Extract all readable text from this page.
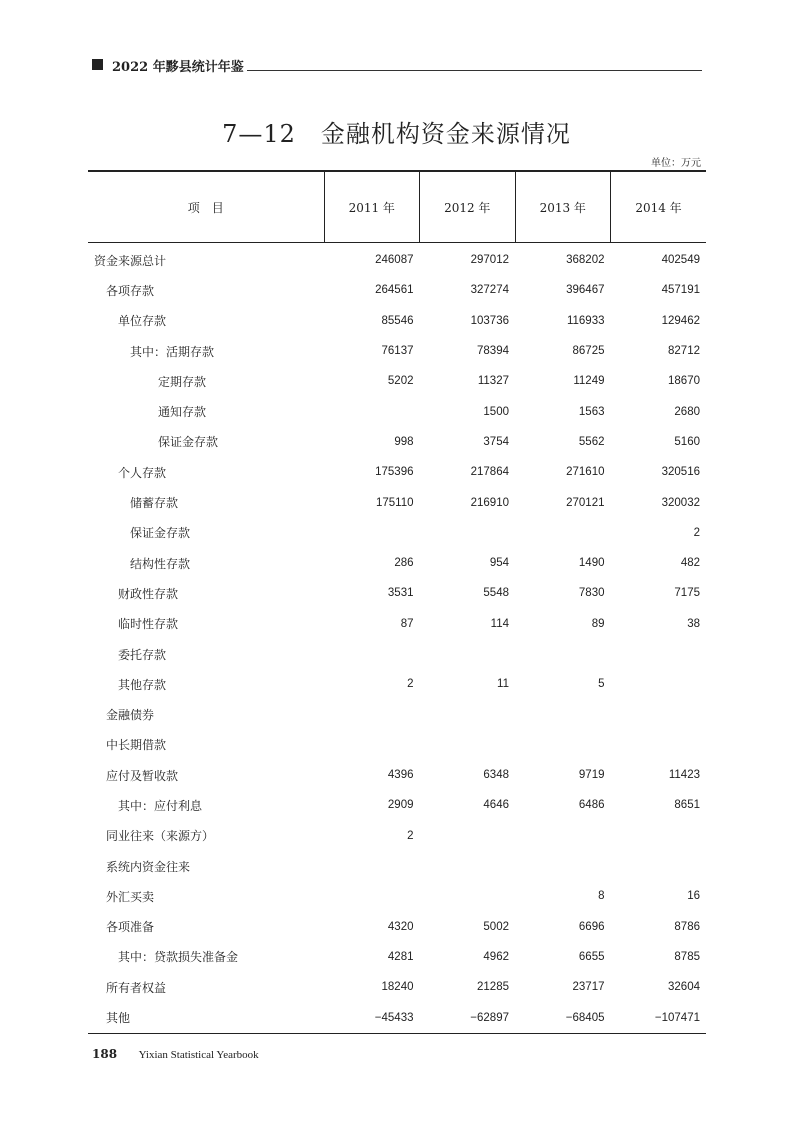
2022 年黟县统计年鉴
7—12　金融机构资金来源情况
单位：万元
项　目	2011 年	2012 年	2013 年	2014 年
资金来源总计	246087	297012	368202	402549
各项存款	264561	327274	396467	457191
单位存款	85546	103736	116933	129462
其中：活期存款	76137	78394	86725	82712
定期存款	5202	11327	11249	18670
通知存款		1500	1563	2680
保证金存款	998	3754	5562	5160
个人存款	175396	217864	271610	320516
储蓄存款	175110	216910	270121	320032
保证金存款				2
结构性存款	286	954	1490	482
财政性存款	3531	5548	7830	7175
临时性存款	87	114	89	38
委托存款				
其他存款	2	11	5	
金融债券				
中长期借款				
应付及暂收款	4396	6348	9719	11423
其中：应付利息	2909	4646	6486	8651
同业往来（来源方）	2			
系统内资金往来				
外汇买卖			8	16
各项准备	4320	5002	6696	8786
其中：贷款损失准备金	4281	4962	6655	8785
所有者权益	18240	21285	23717	32604
其他	−45433	−62897	−68405	−107471
188 Yixian Statistical Yearbook
